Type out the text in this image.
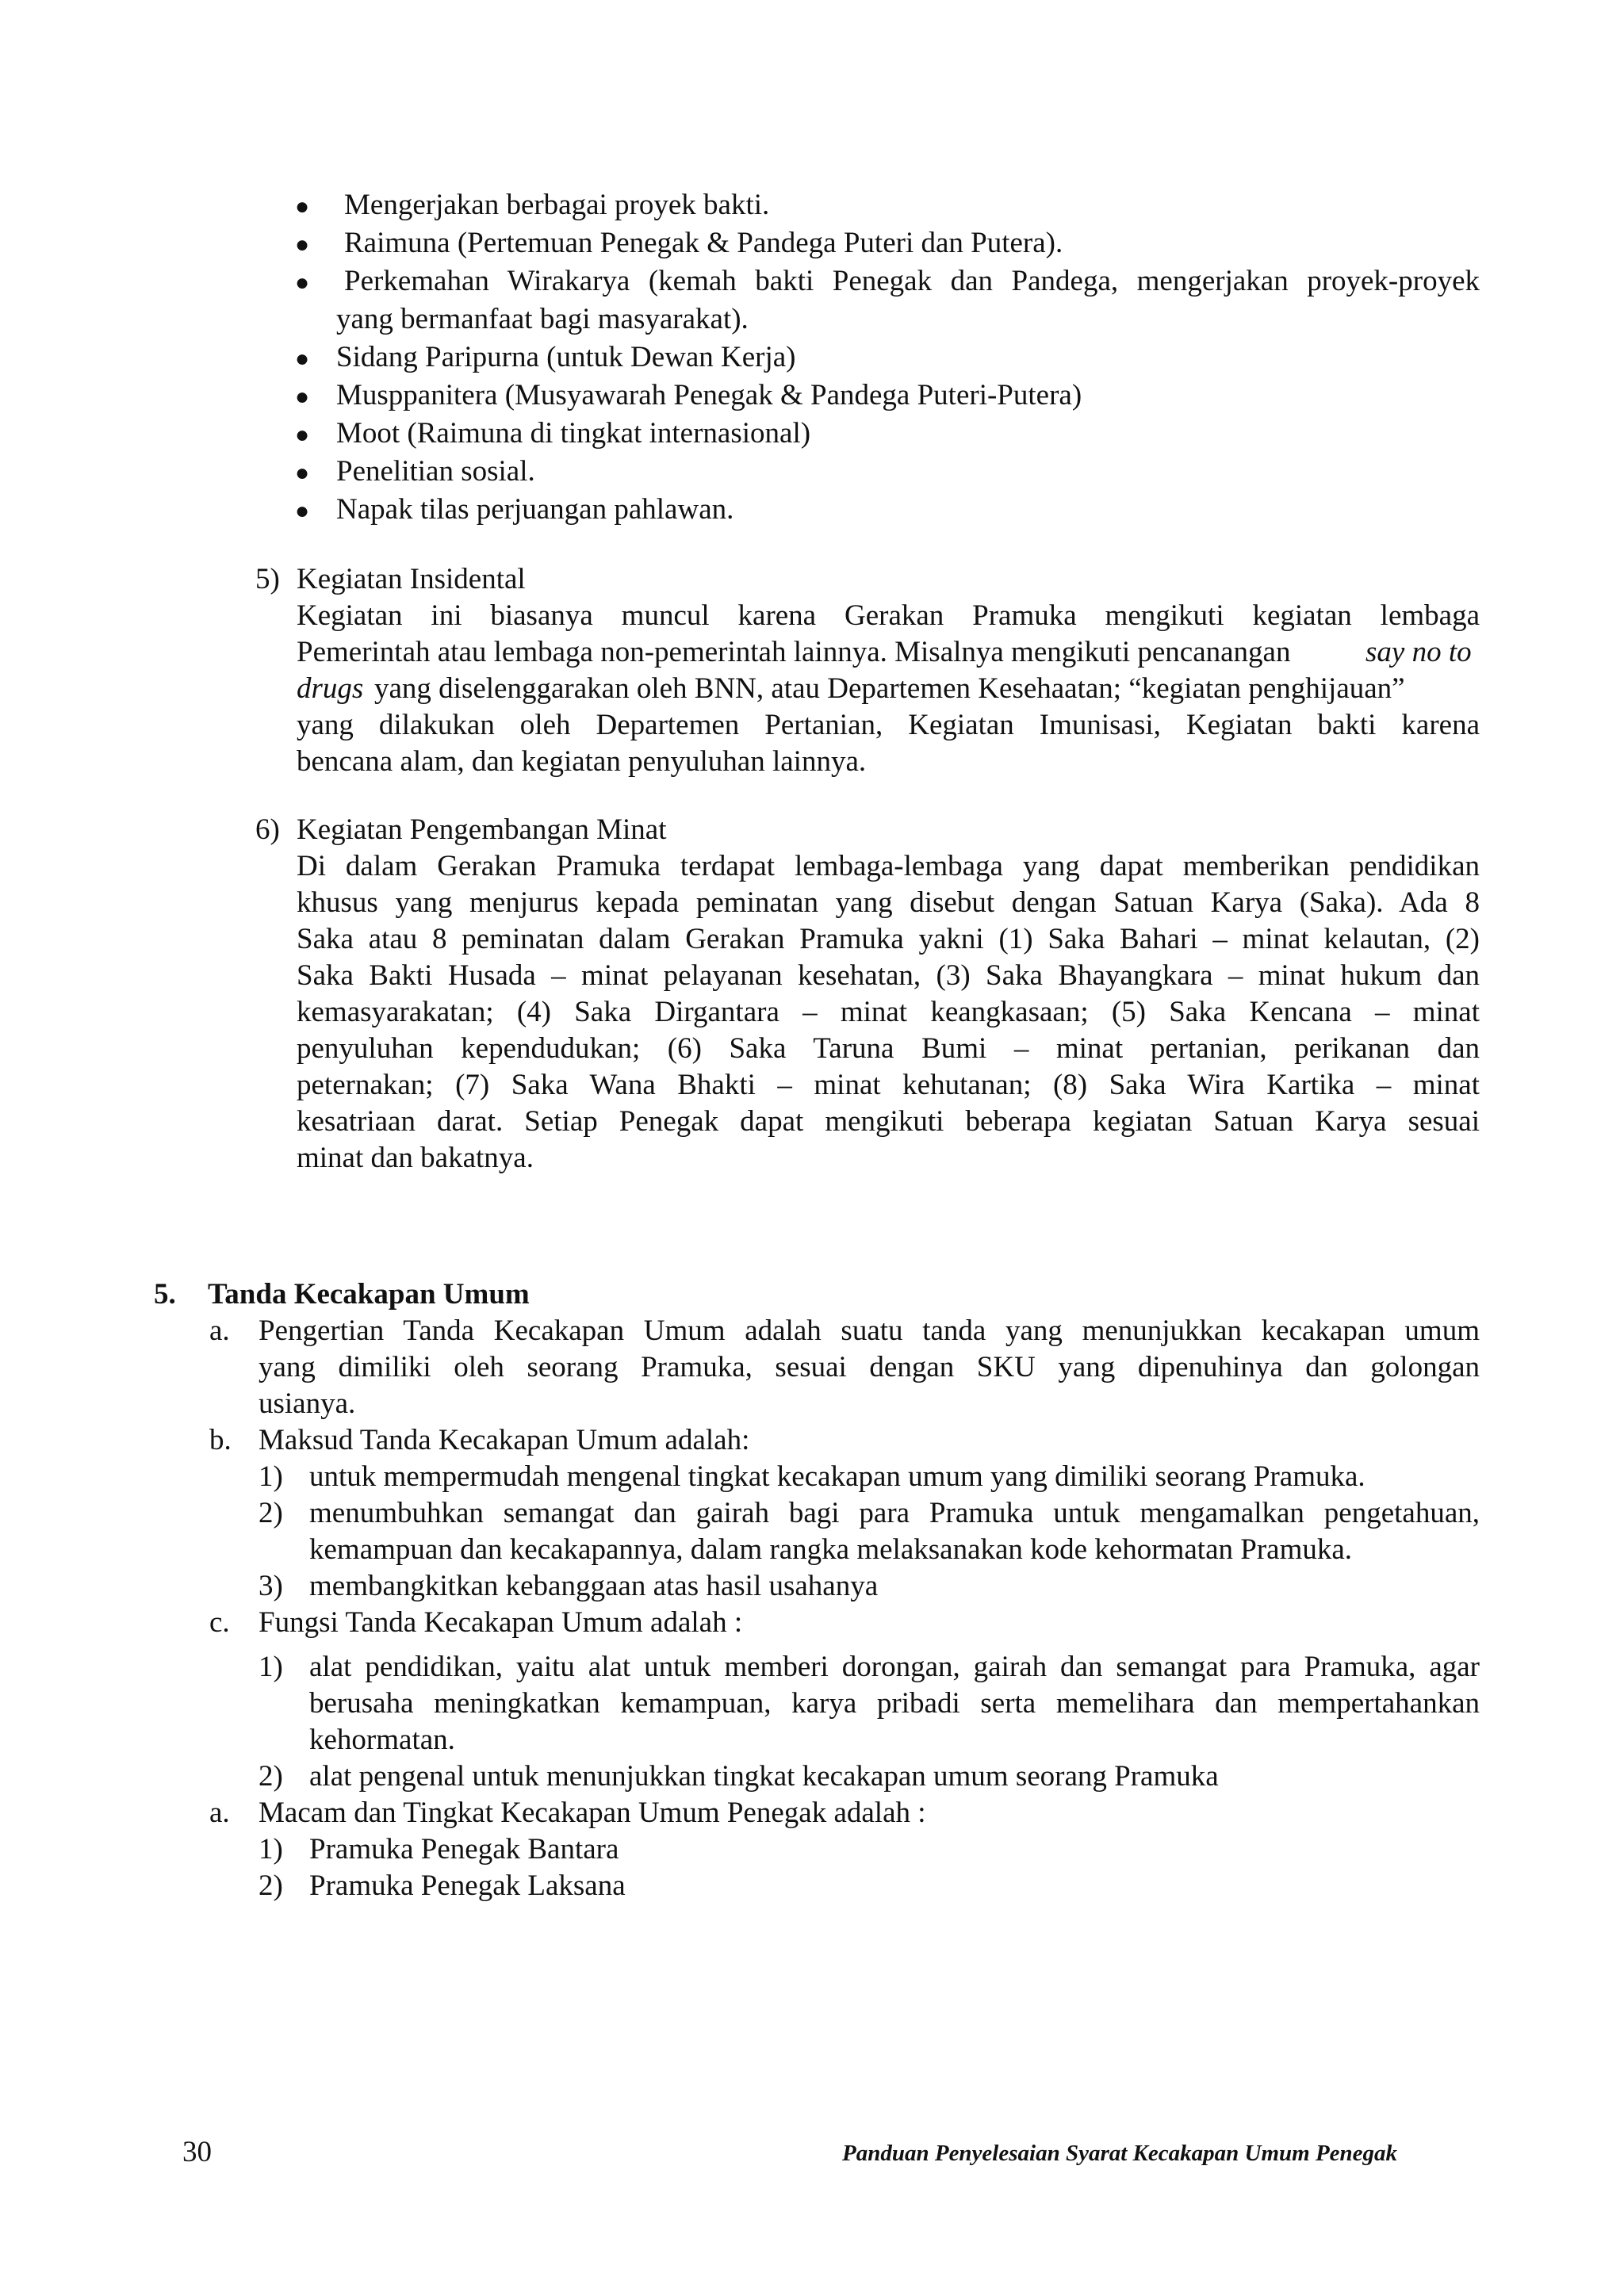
● Mengerjakan berbagai proyek bakti.
● Raimuna (Pertemuan Penegak & Pandega Puteri dan Putera).
● Perkemahan Wirakarya (kemah bakti Penegak dan Pandega, mengerjakan proyek-proyek
yang bermanfaat bagi masyarakat).
● Sidang Paripurna (untuk Dewan Kerja)
● Musppanitera (Musyawarah Penegak & Pandega Puteri-Putera)
● Moot (Raimuna di tingkat internasional)
● Penelitian sosial.
● Napak tilas perjuangan pahlawan.
5) Kegiatan Insidental
Kegiatan ini biasanya muncul karena Gerakan Pramuka mengikuti kegiatan lembaga
Pemerintah atau lembaga non-pemerintah lainnya. Misalnya mengikuti pencanangan	say no to
drugs yang diselenggarakan oleh BNN, atau Departemen Kesehaatan; “kegiatan penghijauan”
yang dilakukan oleh Departemen Pertanian, Kegiatan Imunisasi, Kegiatan bakti karena
bencana alam, dan kegiatan penyuluhan lainnya.
6) Kegiatan Pengembangan Minat
Di dalam Gerakan Pramuka terdapat lembaga-lembaga yang dapat memberikan pendidikan
khusus yang menjurus kepada peminatan yang disebut dengan Satuan Karya (Saka). Ada 8
Saka atau 8 peminatan dalam Gerakan Pramuka yakni (1) Saka Bahari – minat kelautan, (2)
Saka Bakti Husada – minat pelayanan kesehatan, (3) Saka Bhayangkara – minat hukum dan
kemasyarakatan; (4) Saka Dirgantara – minat keangkasaan; (5) Saka Kencana – minat
penyuluhan kependudukan; (6) Saka Taruna Bumi – minat pertanian, perikanan dan
peternakan; (7) Saka Wana Bhakti – minat kehutanan; (8) Saka Wira Kartika – minat
kesatriaan darat. Setiap Penegak dapat mengikuti beberapa kegiatan Satuan Karya sesuai
minat dan bakatnya.
5. Tanda Kecakapan Umum
a. Pengertian Tanda Kecakapan Umum adalah suatu tanda yang menunjukkan kecakapan umum
yang dimiliki oleh seorang Pramuka, sesuai dengan SKU yang dipenuhinya dan golongan
usianya.
b. Maksud Tanda Kecakapan Umum adalah:
1) untuk mempermudah mengenal tingkat kecakapan umum yang dimiliki seorang Pramuka.
2) menumbuhkan semangat dan gairah bagi para Pramuka untuk mengamalkan pengetahuan,
kemampuan dan kecakapannya, dalam rangka melaksanakan kode kehormatan Pramuka.
3) membangkitkan kebanggaan atas hasil usahanya
c. Fungsi Tanda Kecakapan Umum adalah :
1) alat pendidikan, yaitu alat untuk memberi dorongan, gairah dan semangat para Pramuka, agar
berusaha meningkatkan kemampuan, karya pribadi serta memelihara dan mempertahankan
kehormatan.
2) alat pengenal untuk menunjukkan tingkat kecakapan umum seorang Pramuka
a. Macam dan Tingkat Kecakapan Umum Penegak adalah :
1) Pramuka Penegak Bantara
2) Pramuka Penegak Laksana
30	Panduan Penyelesaian Syarat Kecakapan Umum Penegak
